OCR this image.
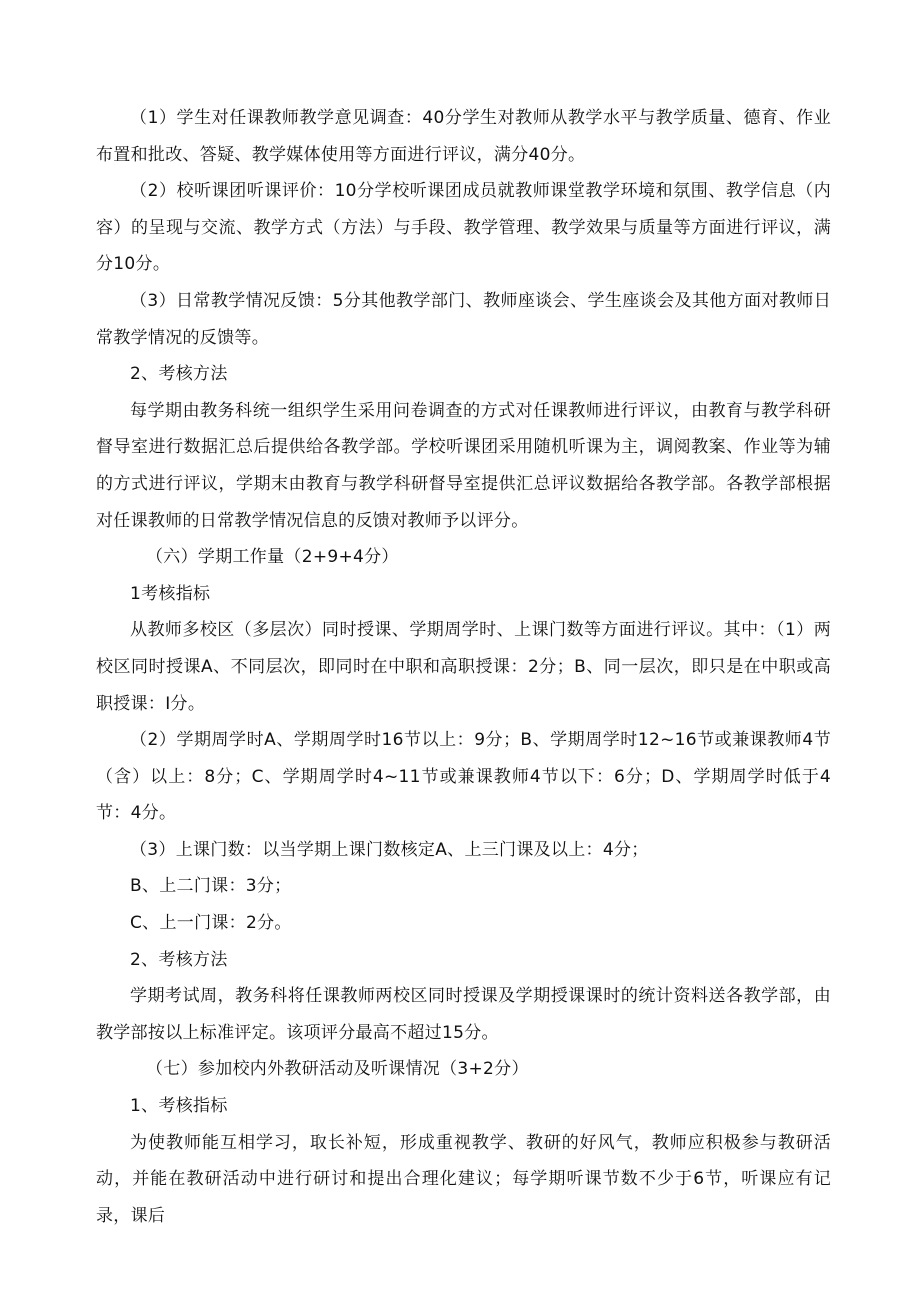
（1）学生对任课教师教学意见调查：40分学生对教师从教学水平与教学质量、德育、作业布置和批改、答疑、教学媒体使用等方面进行评议，满分40分。

（2）校听课团听课评价：10分学校听课团成员就教师课堂教学环境和氛围、教学信息（内容）的呈现与交流、教学方式（方法）与手段、教学管理、教学效果与质量等方面进行评议，满分10分。

（3）日常教学情况反馈：5分其他教学部门、教师座谈会、学生座谈会及其他方面对教师日常教学情况的反馈等。

2、考核方法

每学期由教务科统一组织学生采用问卷调查的方式对任课教师进行评议，由教育与教学科研督导室进行数据汇总后提供给各教学部。学校听课团采用随机听课为主，调阅教案、作业等为辅的方式进行评议，学期末由教育与教学科研督导室提供汇总评议数据给各教学部。各教学部根据对任课教师的日常教学情况信息的反馈对教师予以评分。

（六）学期工作量（2+9+4分）

1考核指标

从教师多校区（多层次）同时授课、学期周学时、上课门数等方面进行评议。其中：（1）两校区同时授课A、不同层次，即同时在中职和高职授课：2分；B、同一层次，即只是在中职或高职授课：I分。

（2）学期周学时A、学期周学时16节以上：9分；B、学期周学时12~16节或兼课教师4节（含）以上：8分；C、学期周学时4~11节或兼课教师4节以下：6分；D、学期周学时低于4节：4分。

（3）上课门数：以当学期上课门数核定A、上三门课及以上：4分；

B、上二门课：3分；

C、上一门课：2分。

2、考核方法

学期考试周，教务科将任课教师两校区同时授课及学期授课课时的统计资料送各教学部，由教学部按以上标准评定。该项评分最高不超过15分。

（七）参加校内外教研活动及听课情况（3+2分）

1、考核指标

为使教师能互相学习，取长补短，形成重视教学、教研的好风气，教师应积极参与教研活动，并能在教研活动中进行研讨和提出合理化建议；每学期听课节数不少于6节，听课应有记录，课后
